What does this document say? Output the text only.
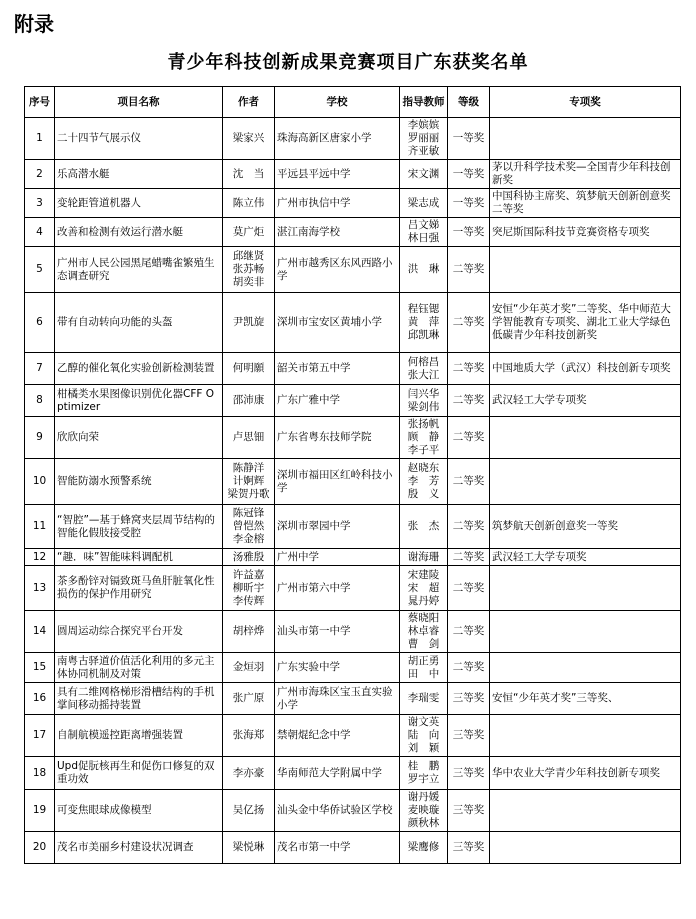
附录
青少年科技创新成果竞赛项目广东获奖名单
序号	项目名称	作者	学校	指导教师	等级	专项奖
1	二十四节气展示仪	梁家兴	珠海高新区唐家小学	李嫔嫔
罗丽丽
齐亚敏	一等奖	
2	乐高潜水艇	沈　当	平远县平远中学	宋文渊	一等奖	茅以升科学技术奖—全国青少年科技创新奖
3	变轮距管道机器人	陈立伟	广州市执信中学	梁志成	一等奖	中国科协主席奖、筑梦航天创新创意奖二等奖
4	改善和检测有效运行潜水艇	莫广炬	湛江南海学校	吕文娣
林日强	一等奖	突尼斯国际科技节竞赛资格专项奖
5	广州市人民公园黑尾蜡嘴雀繁殖生态调查研究	邱继贤
张苏畅
胡奕非	广州市越秀区东风西路小学	洪　琳	二等奖	
6	带有自动转向功能的头盔	尹凯旋	深圳市宝安区黄埔小学	程钰锶
黄　萍
邱凯琳	二等奖	安恒“少年英才奖”二等奖、华中师范大学智能教育专项奖、湖北工业大学绿色低碳青少年科技创新奖
7	乙醇的催化氧化实验创新检测装置	何明願	韶关市第五中学	何榕昌
张大江	二等奖	中国地质大学（武汉）科技创新专项奖
8	柑橘类水果图像识别优化器CFF Optimizer	邵沛康	广东广雅中学	闫兴华
梁剑伟	二等奖	武汉轻工大学专项奖
9	欣欣向荣	卢思钿	广东省粤东技师学院	张扬帆
顾　静
李子平	二等奖	
10	智能防溺水预警系统	陈静洋
计婀辉
梁贺丹歌	深圳市福田区红岭科技小学	赵晓东
李　芳
殷　义	二等奖	
11	“智腔”—基于蜂窝夹层周节结构的智能化假肢接受腔	陈冠锋
曾恺然
李金榕	深圳市翠园中学	张　杰	二等奖	筑梦航天创新创意奖一等奖
12	“趣．味”智能味料调配机	汤雅殷	广州中学	谢海珊	二等奖	武汉轻工大学专项奖
13	茶多酚锌对镉致斑马鱼肝脏氧化性损伤的保护作用研究	许益嘉
柳昕宇
李传辉	广州市第六中学	宋建陵
宋　超
晁丹婷	二等奖	
14	圆周运动综合探究平台开发	胡梓烨	汕头市第一中学	蔡晓阳
林卓睿
曹　剑	二等奖	
15	南粤古驿道价值活化利用的多元主体协同机制及对策	金烜羽	广东实验中学	胡正勇
田　中	二等奖	
16	具有二维网格梯形滑槽结构的手机掌间移动摇持装置	张广原	广州市海珠区宝玉直实验小学	李瑞雯	三等奖	安恒“少年英才奖”三等奖、
17	自制航模遥控距离增强装置	张海郑	禁朝焜纪念中学	谢文英
陆　向
刘　颖	三等奖	
18	Upd促朊核再生和促伤口修复的双重功效	李亦豪	华南师范大学附属中学	桂　鹏
罗宇立	三等奖	华中农业大学青少年科技创新专项奖
19	可变焦眼球成像模型	吴亿扬	汕头金中华侨试验区学校	谢丹媛
麦映璇
颜秋林	三等奖	
20	茂名市美丽乡村建设状况调查	梁悦琳	茂名市第一中学	梁鹰修	三等奖	
